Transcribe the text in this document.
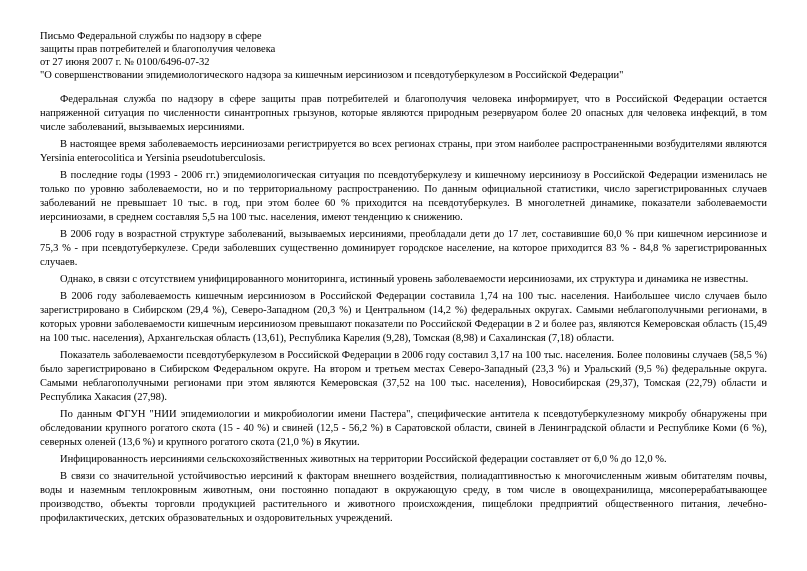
Письмо Федеральной службы по надзору в сфере
защиты прав потребителей и благополучия человека
от 27 июня 2007 г. № 0100/6496-07-32
"О совершенствовании эпидемиологического надзора за кишечным иерсиниозом и псевдотуберкулезом в Российской Федерации"

Федеральная служба по надзору в сфере защиты прав потребителей и благополучия человека информирует, что в Российской Федерации остается напряженной ситуация по численности синантропных грызунов, которые являются природным резервуаром более 20 опасных для человека инфекций, в том числе заболеваний, вызываемых иерсиниями.

В настоящее время заболеваемость иерсиниозами регистрируется во всех регионах страны, при этом наиболее распространенными возбудителями являются Yersinia enterocolitica и Yersinia pseudotuberculosis.

В последние годы (1993 - 2006 гг.) эпидемиологическая ситуация по псевдотуберкулезу и кишечному иерсиниозу в Российской Федерации изменилась не только по уровню заболеваемости, но и по территориальному распространению. По данным официальной статистики, число зарегистрированных случаев заболеваний не превышает 10 тыс. в год, при этом более 60 % приходится на псевдотуберкулез. В многолетней динамике, показатели заболеваемости иерсиниозами, в среднем составляя 5,5 на 100 тыс. населения, имеют тенденцию к снижению.

В 2006 году в возрастной структуре заболеваний, вызываемых иерсиниями, преобладали дети до 17 лет, составившие 60,0 % при кишечном иерсиниозе и 75,3 % - при псевдотуберкулезе. Среди заболевших существенно доминирует городское население, на которое приходится 83 % - 84,8 % зарегистрированных случаев.

Однако, в связи с отсутствием унифицированного мониторинга, истинный уровень заболеваемости иерсиниозами, их структура и динамика не известны.

В 2006 году заболеваемость кишечным иерсиниозом в Российской Федерации составила 1,74 на 100 тыс. населения. Наибольшее число случаев было зарегистрировано в Сибирском (29,4 %), Северо-Западном (20,3 %) и Центральном (14,2 %) федеральных округах. Самыми неблагополучными регионами, в которых уровни заболеваемости кишечным иерсиниозом превышают показатели по Российской Федерации в 2 и более раз, являются Кемеровская область (15,49 на 100 тыс. населения), Архангельская область (13,61), Республика Карелия (9,28), Томская (8,98) и Сахалинская (7,18) области.

Показатель заболеваемости псевдотуберкулезом в Российской Федерации в 2006 году составил 3,17 на 100 тыс. населения. Более половины случаев (58,5 %) было зарегистрировано в Сибирском Федеральном округе. На втором и третьем местах Северо-Западный (23,3 %) и Уральский (9,5 %) федеральные округа. Самыми неблагополучными регионами при этом являются Кемеровская (37,52 на 100 тыс. населения), Новосибирская (29,37), Томская (22,79) области и Республика Хакасия (27,98).

По данным ФГУН "НИИ эпидемиологии и микробиологии имени Пастера", специфические антитела к псевдотуберкулезному микробу обнаружены при обследовании крупного рогатого скота (15 - 40 %) и свиней (12,5 - 56,2 %) в Саратовской области, свиней в Ленинградской области и Республике Коми (6 %), северных оленей (13,6 %) и крупного рогатого скота (21,0 %) в Якутии.

Инфицированность иерсиниями сельскохозяйственных животных на территории Российской федерации составляет от 6,0 % до 12,0 %.

В связи со значительной устойчивостью иерсиний к факторам внешнего воздействия, полиадаптивностью к многочисленным живым обитателям почвы, воды и наземным теплокровным животным, они постоянно попадают в окружающую среду, в том числе в овощехранилища, мясоперерабатывающее производство, объекты торговли продукцией растительного и животного происхождения, пищеблоки предприятий общественного питания, лечебно-профилактических, детских образовательных и оздоровительных учреждений.
